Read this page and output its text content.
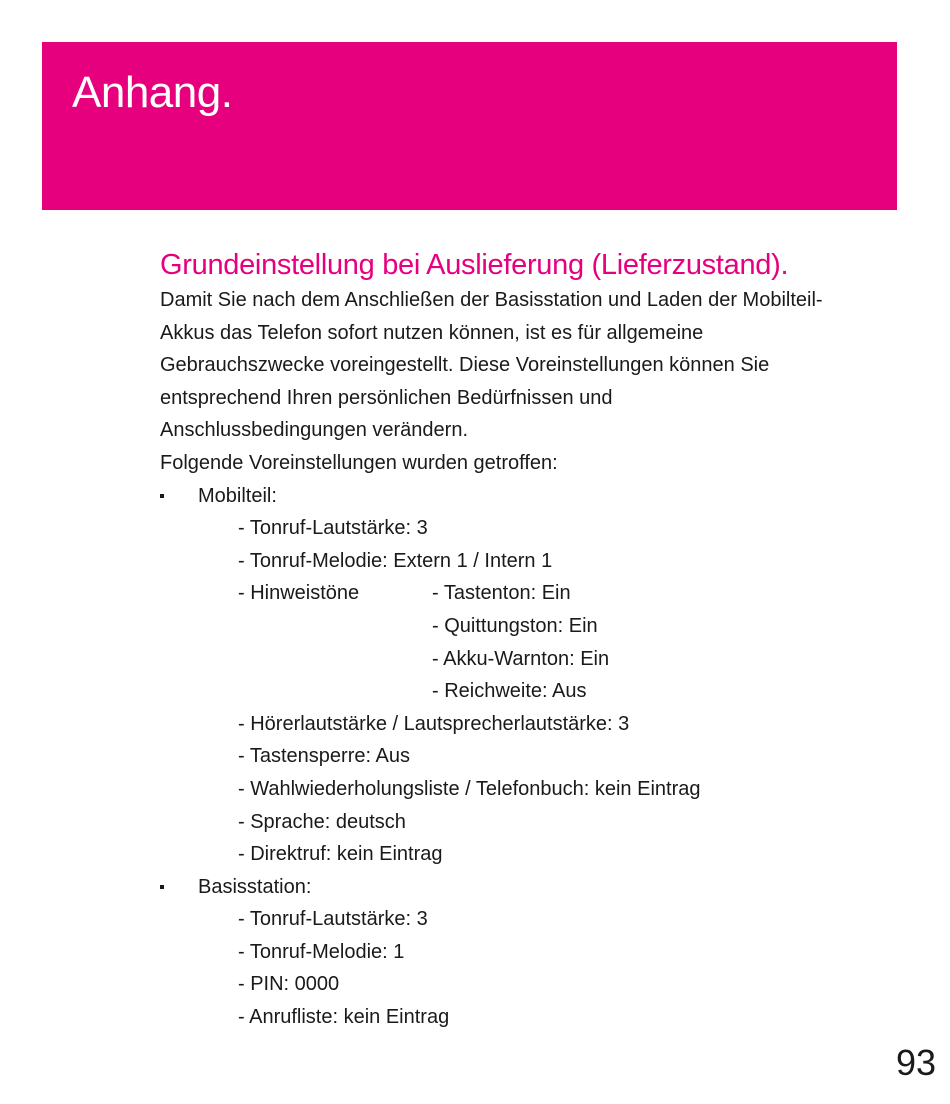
Anhang.
Grundeinstellung bei Auslieferung (Lieferzustand).

Damit Sie nach dem Anschließen der Basisstation und Laden der Mobilteil-

Akkus das Telefon sofort nutzen können, ist es für allgemeine

Gebrauchszwecke voreingestellt. Diese Voreinstellungen können Sie

entsprechend Ihren persönlichen Bedürfnissen und

Anschlussbedingungen verändern.

Folgende Voreinstellungen wurden getroffen:

Mobilteil:
- Tonruf-Lautstärke: 3
- Tonruf-Melodie: Extern 1 / Intern 1
- Hinweistöne	- Tastenton: Ein
- Quittungston: Ein
- Akku-Warnton: Ein
- Reichweite: Aus
- Hörerlautstärke / Lautsprecherlautstärke: 3
- Tastensperre: Aus
- Wahlwiederholungsliste / Telefonbuch: kein Eintrag
- Sprache: deutsch
- Direktruf: kein Eintrag
Basisstation:
- Tonruf-Lautstärke: 3
- Tonruf-Melodie: 1
- PIN: 0000
- Anrufliste: kein Eintrag
93
